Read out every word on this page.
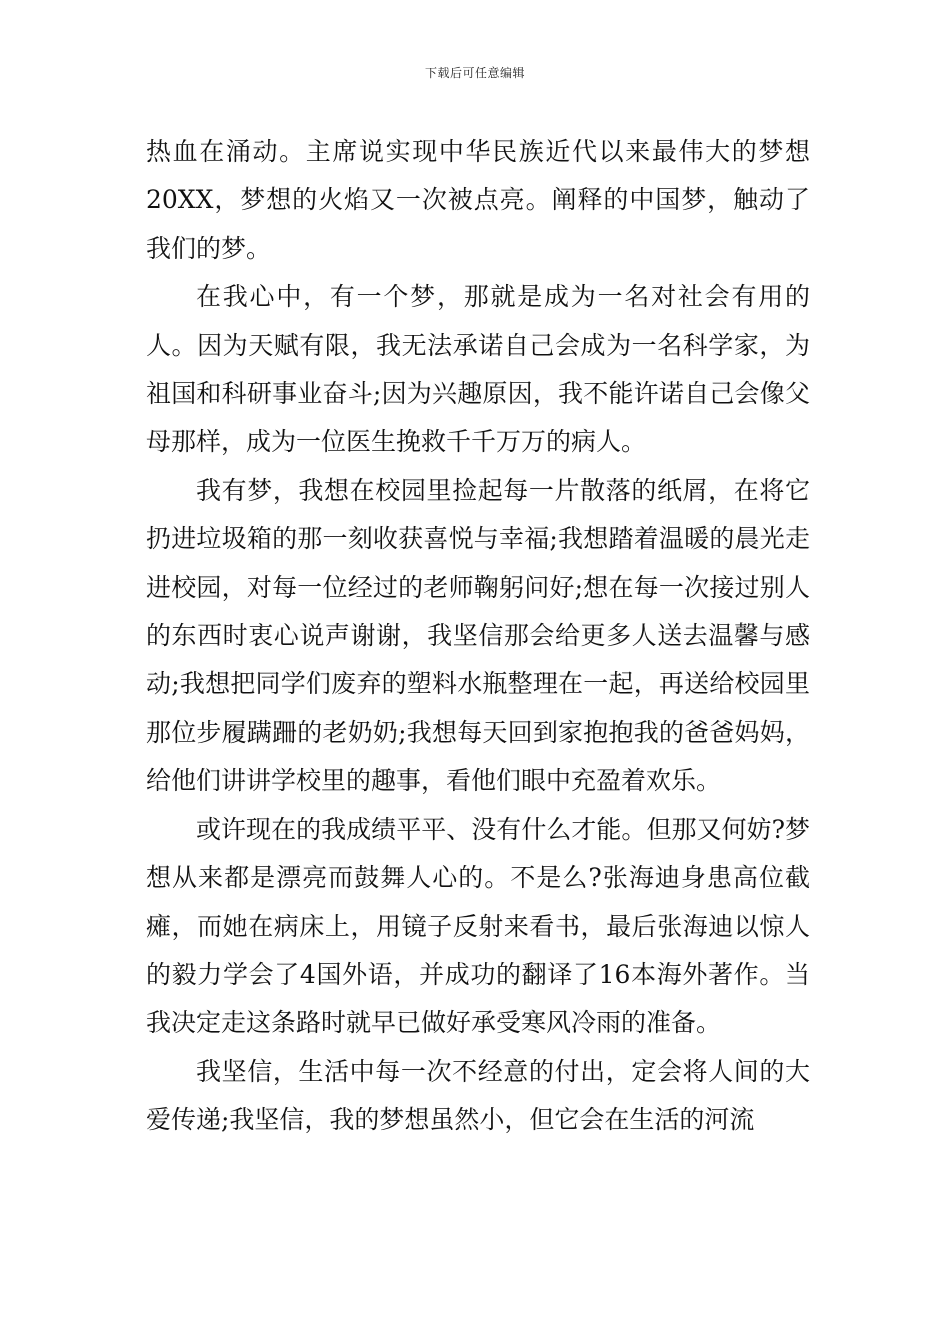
下载后可任意编辑

热血在涌动。主席说实现中华民族近代以来最伟大的梦想20XX，梦想的火焰又一次被点亮。阐释的中国梦，触动了我们的梦。

在我心中，有一个梦，那就是成为一名对社会有用的人。因为天赋有限，我无法承诺自己会成为一名科学家，为祖国和科研事业奋斗;因为兴趣原因，我不能许诺自己会像父母那样，成为一位医生挽救千千万万的病人。

我有梦，我想在校园里捡起每一片散落的纸屑，在将它扔进垃圾箱的那一刻收获喜悦与幸福;我想踏着温暖的晨光走进校园，对每一位经过的老师鞠躬问好;想在每一次接过别人的东西时衷心说声谢谢，我坚信那会给更多人送去温馨与感动;我想把同学们废弃的塑料水瓶整理在一起，再送给校园里那位步履蹒跚的老奶奶;我想每天回到家抱抱我的爸爸妈妈，给他们讲讲学校里的趣事，看他们眼中充盈着欢乐。

或许现在的我成绩平平、没有什么才能。但那又何妨?梦想从来都是漂亮而鼓舞人心的。不是么?张海迪身患高位截瘫，而她在病床上，用镜子反射来看书，最后张海迪以惊人的毅力学会了4国外语，并成功的翻译了16本海外著作。当我决定走这条路时就早已做好承受寒风冷雨的准备。

我坚信，生活中每一次不经意的付出，定会将人间的大爱传递;我坚信，我的梦想虽然小，但它会在生活的河流
